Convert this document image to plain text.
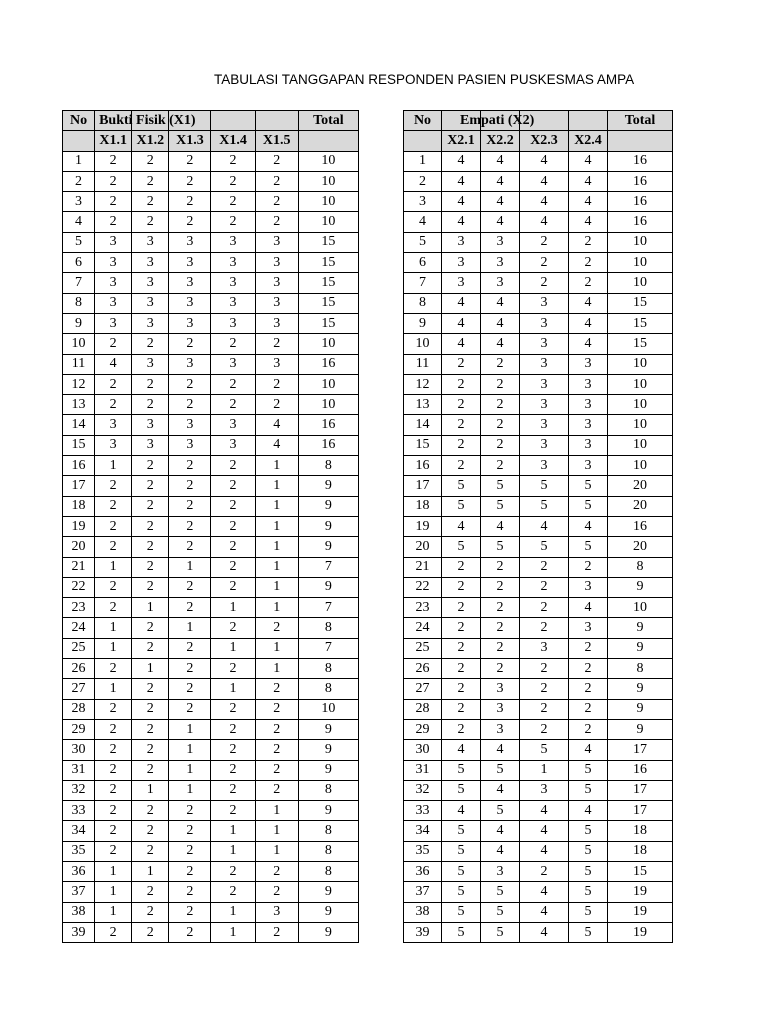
TABULASI TANGGAPAN RESPONDEN PASIEN PUSKESMAS AMPA
No	Bukti Fisik (X1)					Total
	X1.1	X1.2	X1.3	X1.4	X1.5	
1	2	2	2	2	2	10
2	2	2	2	2	2	10
3	2	2	2	2	2	10
4	2	2	2	2	2	10
5	3	3	3	3	3	15
6	3	3	3	3	3	15
7	3	3	3	3	3	15
8	3	3	3	3	3	15
9	3	3	3	3	3	15
10	2	2	2	2	2	10
11	4	3	3	3	3	16
12	2	2	2	2	2	10
13	2	2	2	2	2	10
14	3	3	3	3	4	16
15	3	3	3	3	4	16
16	1	2	2	2	1	8
17	2	2	2	2	1	9
18	2	2	2	2	1	9
19	2	2	2	2	1	9
20	2	2	2	2	1	9
21	1	2	1	2	1	7
22	2	2	2	2	1	9
23	2	1	2	1	1	7
24	1	2	1	2	2	8
25	1	2	2	1	1	7
26	2	1	2	2	1	8
27	1	2	2	1	2	8
28	2	2	2	2	2	10
29	2	2	1	2	2	9
30	2	2	1	2	2	9
31	2	2	1	2	2	9
32	2	1	1	2	2	8
33	2	2	2	2	1	9
34	2	2	2	1	1	8
35	2	2	2	1	1	8
36	1	1	2	2	2	8
37	1	2	2	2	2	9
38	1	2	2	1	3	9
39	2	2	2	1	2	9
No	Empati (X2)				Total
	X2.1	X2.2	X2.3	X2.4	
1	4	4	4	4	16
2	4	4	4	4	16
3	4	4	4	4	16
4	4	4	4	4	16
5	3	3	2	2	10
6	3	3	2	2	10
7	3	3	2	2	10
8	4	4	3	4	15
9	4	4	3	4	15
10	4	4	3	4	15
11	2	2	3	3	10
12	2	2	3	3	10
13	2	2	3	3	10
14	2	2	3	3	10
15	2	2	3	3	10
16	2	2	3	3	10
17	5	5	5	5	20
18	5	5	5	5	20
19	4	4	4	4	16
20	5	5	5	5	20
21	2	2	2	2	8
22	2	2	2	3	9
23	2	2	2	4	10
24	2	2	2	3	9
25	2	2	3	2	9
26	2	2	2	2	8
27	2	3	2	2	9
28	2	3	2	2	9
29	2	3	2	2	9
30	4	4	5	4	17
31	5	5	1	5	16
32	5	4	3	5	17
33	4	5	4	4	17
34	5	4	4	5	18
35	5	4	4	5	18
36	5	3	2	5	15
37	5	5	4	5	19
38	5	5	4	5	19
39	5	5	4	5	19
